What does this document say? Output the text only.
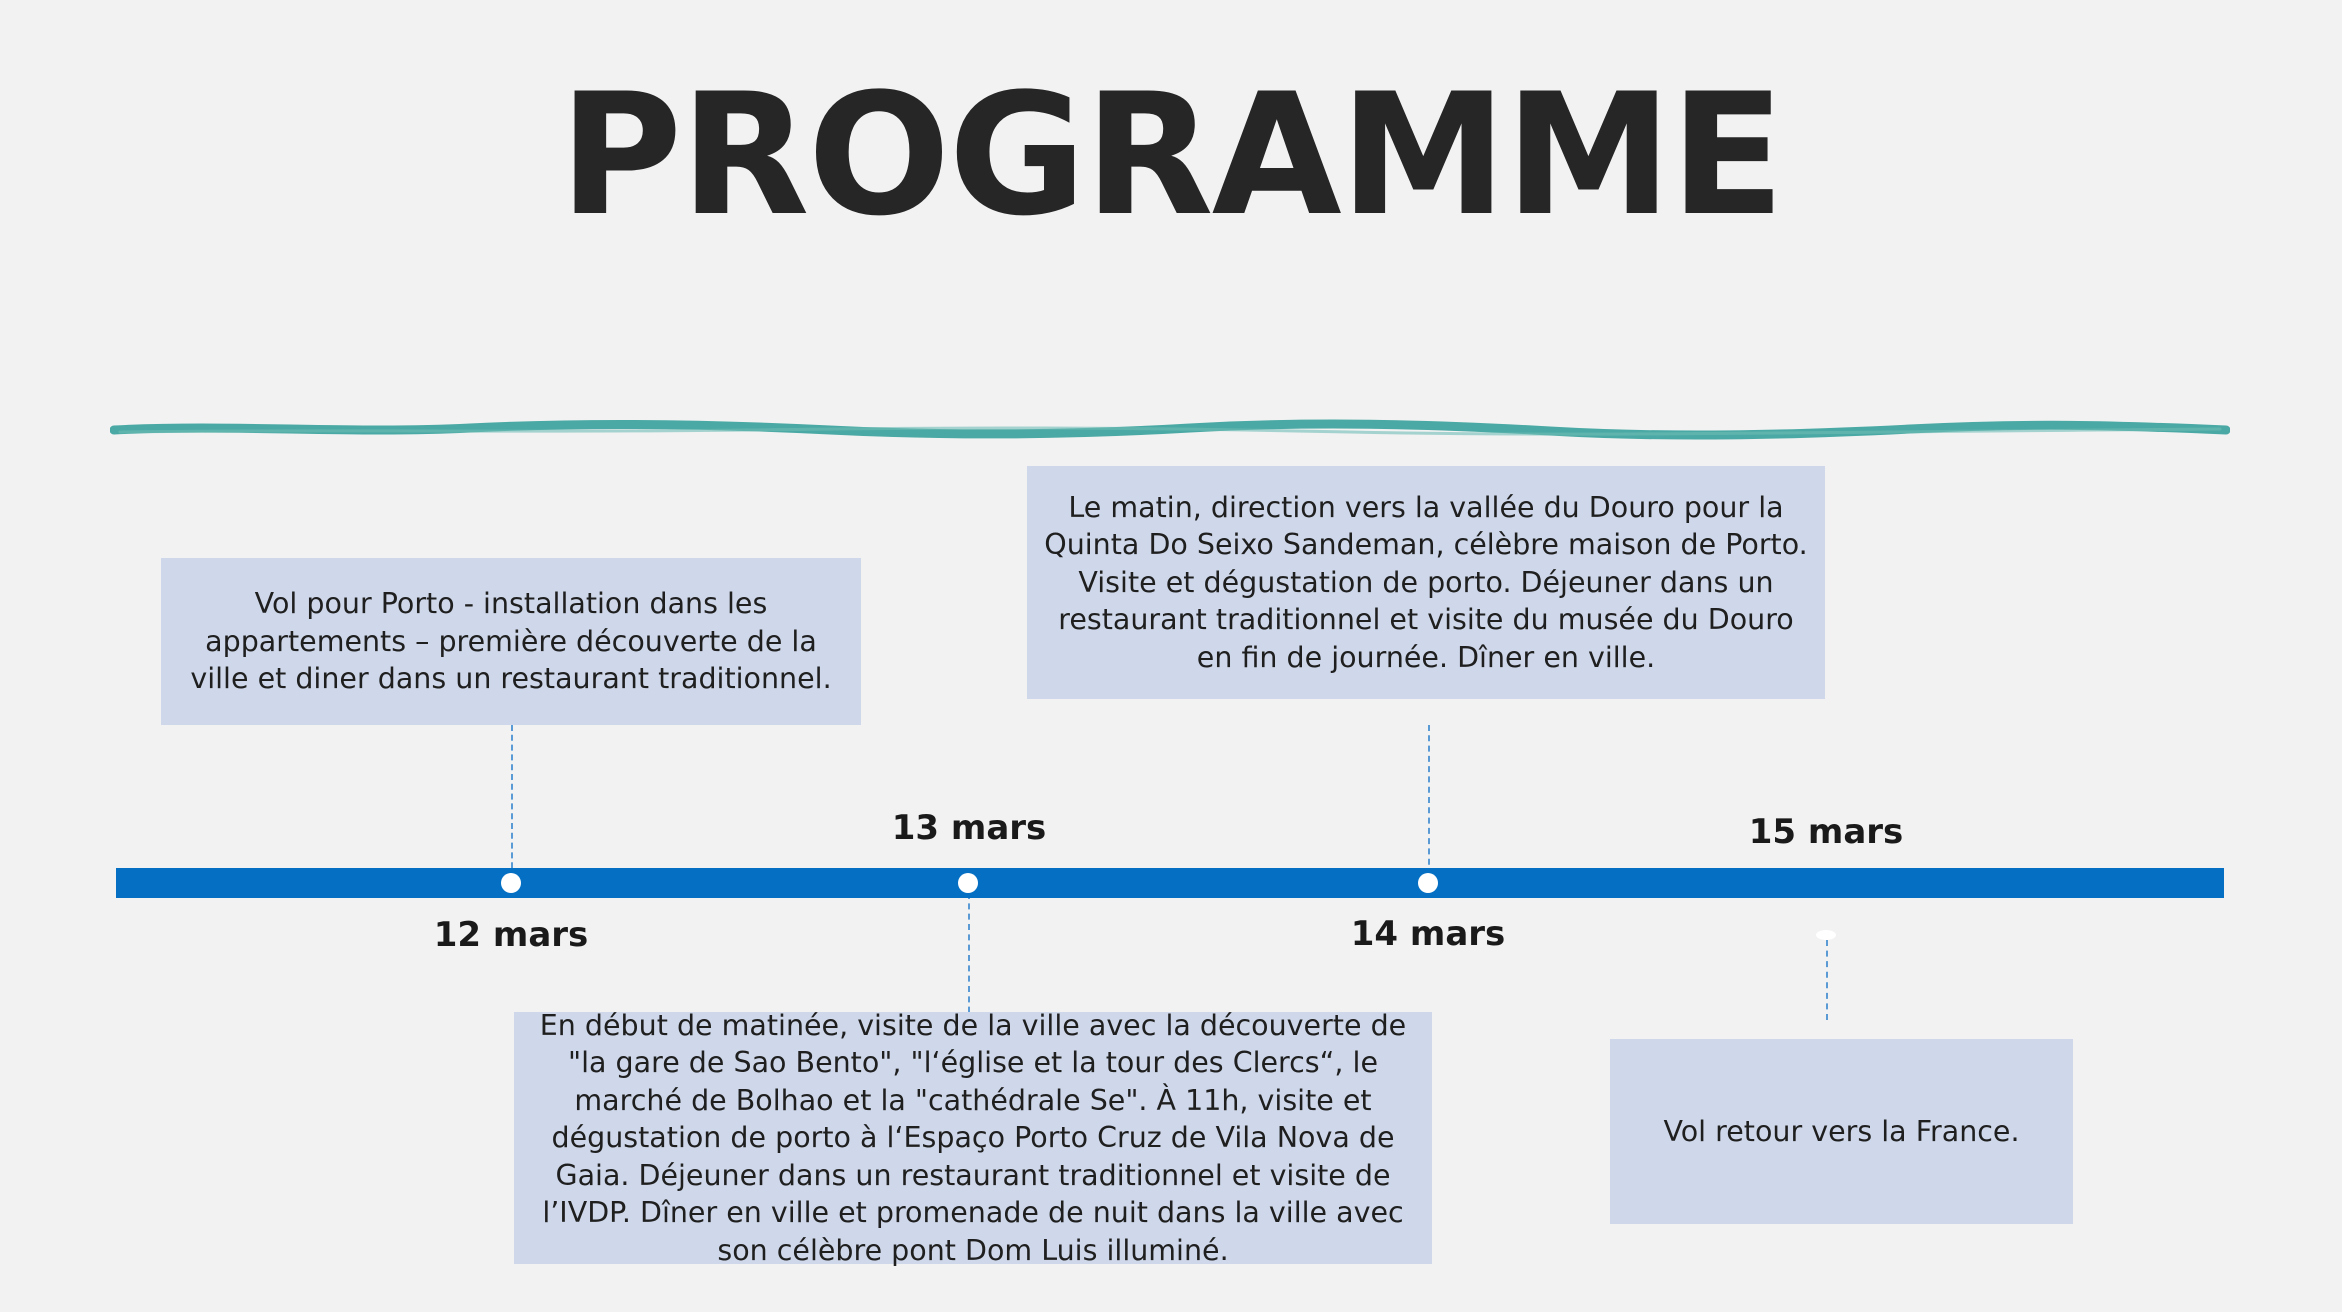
PROGRAMME
12 mars
13 mars
14 mars
15 mars
Vol pour Porto - installation dans les
appartements – première découverte de la
ville et diner dans un restaurant traditionnel.
En début de matinée, visite de la ville avec la découverte de
"la gare de Sao Bento", "l‘église et la tour des Clercs“, le
marché de Bolhao et la "cathédrale Se". À 11h, visite et
dégustation de porto à l‘Espaço Porto Cruz de Vila Nova de
Gaia. Déjeuner dans un restaurant traditionnel et visite de
l’IVDP. Dîner en ville et promenade de nuit dans la ville avec
son célèbre pont Dom Luis illuminé.
Le matin, direction vers la vallée du Douro pour la
Quinta Do Seixo Sandeman, célèbre maison de Porto.
Visite et dégustation de porto. Déjeuner dans un
restaurant traditionnel et visite du musée du Douro
en fin de journée. Dîner en ville.
Vol retour vers la France.
